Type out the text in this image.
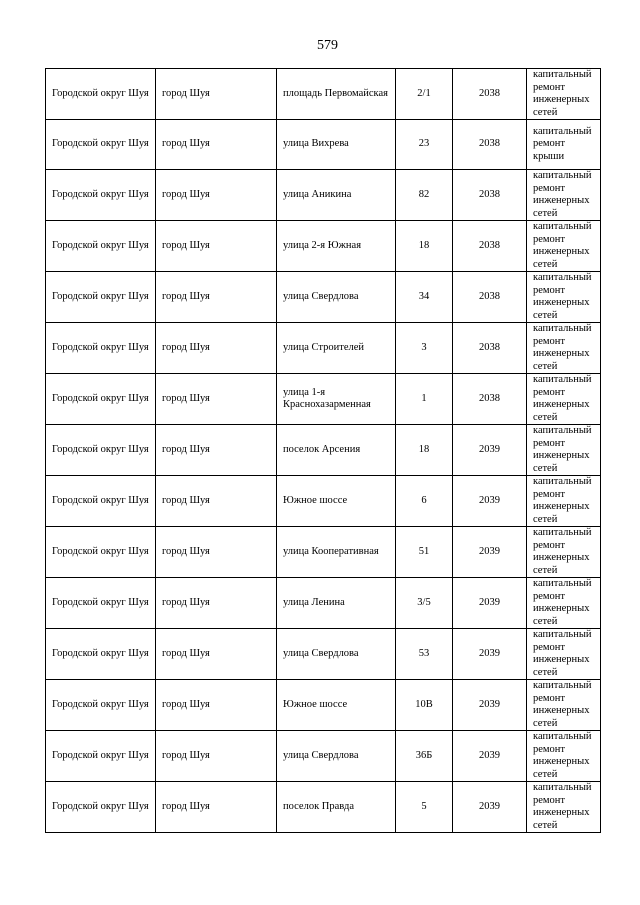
579
Городской округ Шуя	город Шуя	площадь Первомайская	2/1	2038	капитальный ремонт инженерных сетей
Городской округ Шуя	город Шуя	улица Вихрева	23	2038	капитальный ремонт крыши
Городской округ Шуя	город Шуя	улица Аникина	82	2038	капитальный ремонт инженерных сетей
Городской округ Шуя	город Шуя	улица 2-я Южная	18	2038	капитальный ремонт инженерных сетей
Городской округ Шуя	город Шуя	улица Свердлова	34	2038	капитальный ремонт инженерных сетей
Городской округ Шуя	город Шуя	улица Строителей	3	2038	капитальный ремонт инженерных сетей
Городской округ Шуя	город Шуя	улица 1-я Краснохазарменная	1	2038	капитальный ремонт инженерных сетей
Городской округ Шуя	город Шуя	поселок Арсения	18	2039	капитальный ремонт инженерных сетей
Городской округ Шуя	город Шуя	Южное шоссе	6	2039	капитальный ремонт инженерных сетей
Городской округ Шуя	город Шуя	улица Кооперативная	51	2039	капитальный ремонт инженерных сетей
Городской округ Шуя	город Шуя	улица Ленина	3/5	2039	капитальный ремонт инженерных сетей
Городской округ Шуя	город Шуя	улица Свердлова	53	2039	капитальный ремонт инженерных сетей
Городской округ Шуя	город Шуя	Южное шоссе	10В	2039	капитальный ремонт инженерных сетей
Городской округ Шуя	город Шуя	улица Свердлова	36Б	2039	капитальный ремонт инженерных сетей
Городской округ Шуя	город Шуя	поселок Правда	5	2039	капитальный ремонт инженерных сетей
